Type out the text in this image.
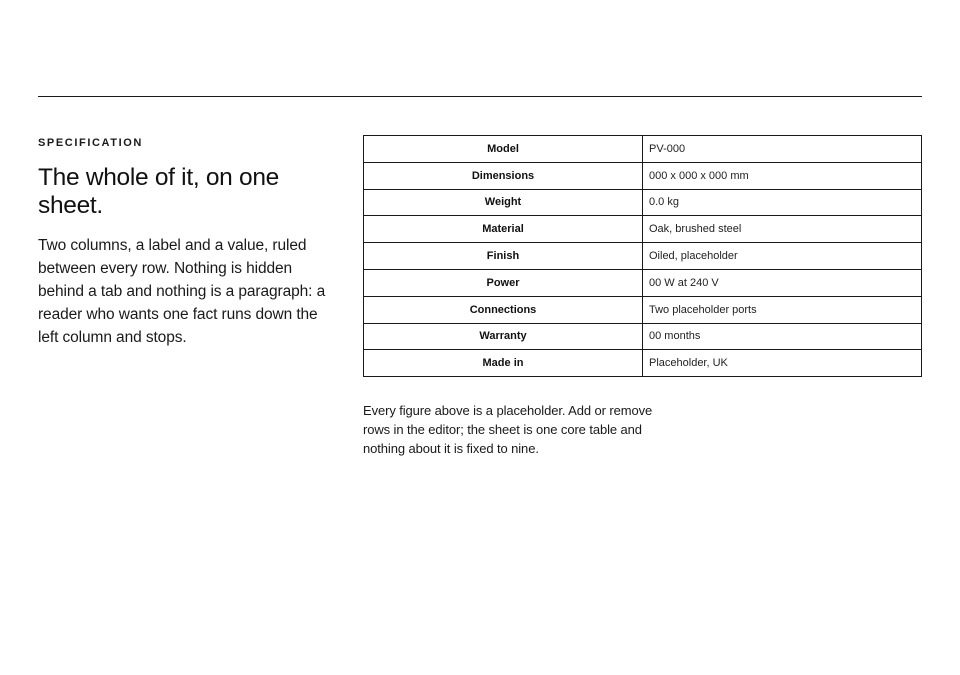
SPECIFICATION

The whole of it, on one sheet.

Two columns, a label and a value, ruled between every row. Nothing is hidden behind a tab and nothing is a paragraph: a reader who wants one fact runs down the left column and stops.

Model	PV-000
Dimensions	000 x 000 x 000 mm
Weight	0.0 kg
Material	Oak, brushed steel
Finish	Oiled, placeholder
Power	00 W at 240 V
Connections	Two placeholder ports
Warranty	00 months
Made in	Placeholder, UK

Every figure above is a placeholder. Add or remove rows in the editor; the sheet is one core table and nothing about it is fixed to nine.
